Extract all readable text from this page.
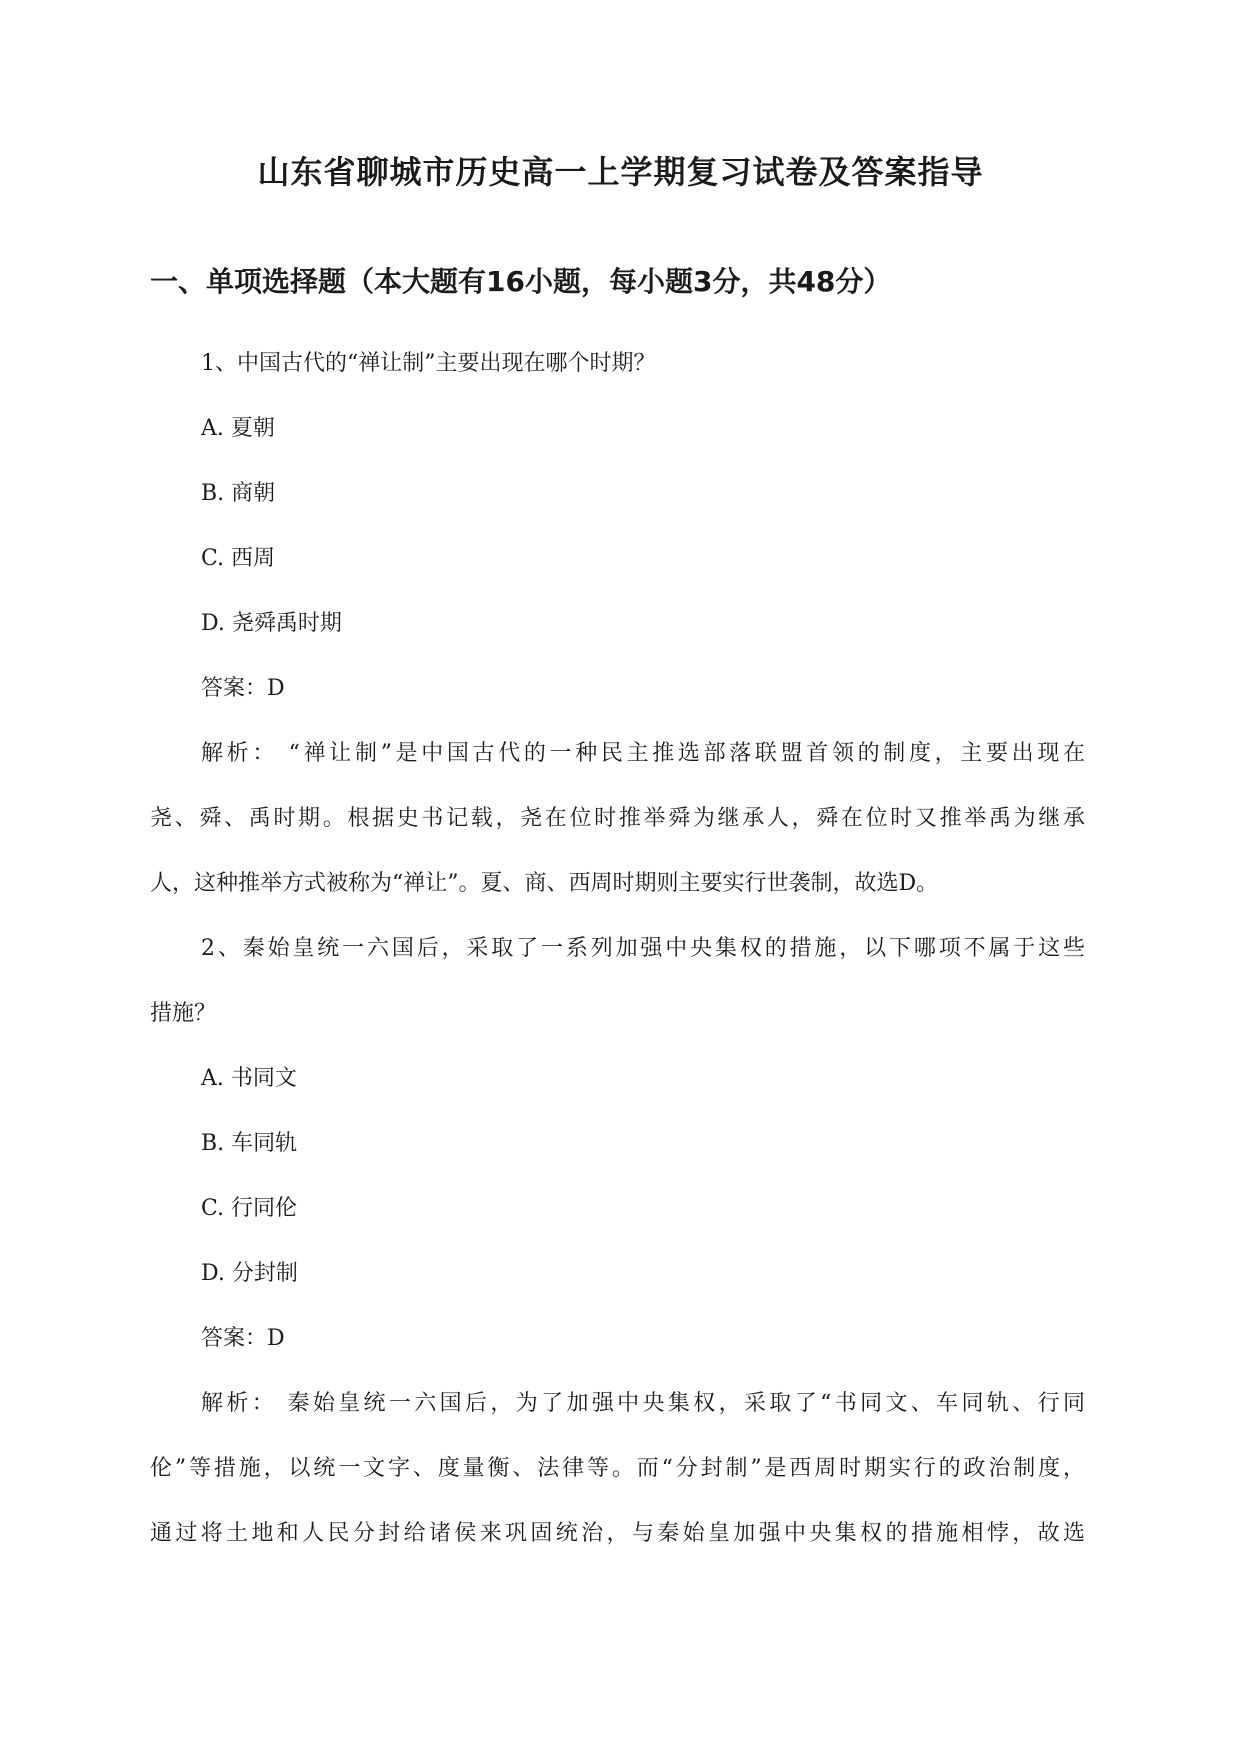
山东省聊城市历史高一上学期复习试卷及答案指导
一、单项选择题（本大题有16小题，每小题3分，共48分）

1、中国古代的“禅让制”主要出现在哪个时期？

A. 夏朝

B. 商朝

C. 西周

D. 尧舜禹时期

答案：D

解析： “禅让制”是中国古代的一种民主推选部落联盟首领的制度，主要出现在

尧、舜、禹时期。根据史书记载，尧在位时推举舜为继承人，舜在位时又推举禹为继承

人，这种推举方式被称为“禅让”。夏、商、西周时期则主要实行世袭制，故选D。

2、秦始皇统一六国后，采取了一系列加强中央集权的措施，以下哪项不属于这些

措施？

A. 书同文

B. 车同轨

C. 行同伦

D. 分封制

答案：D

解析： 秦始皇统一六国后，为了加强中央集权，采取了“书同文、车同轨、行同

伦”等措施，以统一文字、度量衡、法律等。而“分封制”是西周时期实行的政治制度，

通过将土地和人民分封给诸侯来巩固统治，与秦始皇加强中央集权的措施相悖，故选
